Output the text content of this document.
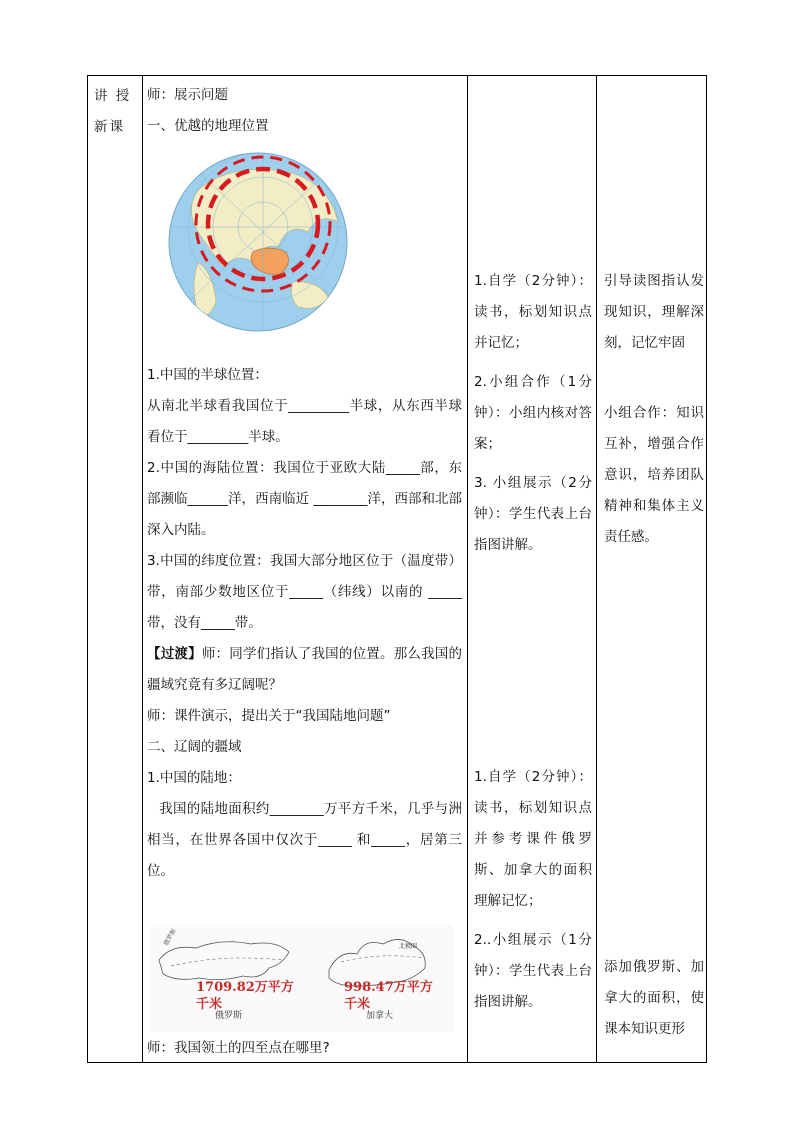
讲 授
新课
师：展示问题
一、优越的地理位置
1.中国的半球位置：
从南北半球看我国位于_________半球，从东西半球看位于_________半球。
2.中国的海陆位置：我国位于亚欧大陆_____部，东部濒临______洋，西南临近 ________洋，西部和北部深入内陆。
3.中国的纬度位置：我国大部分地区位于（温度带）带，南部少数地区位于_____（纬线）以南的 _____带，没有_____带。
【过渡】师：同学们指认了我国的位置。那么我国的疆域究竟有多辽阔呢？
师：课件演示，提出关于“我国陆地问题”
二、辽阔的疆域
1.中国的陆地：
我国的陆地面积约________万平方千米，几乎与洲相当，在世界各国中仅次于_____ 和_____，居第三位。
北极圈
俄罗斯
俄罗斯	加拿大
1709.82万平方千米
998.47万平方千米
师：我国领土的四至点在哪里?
1.自学（2分钟）：读书，标划知识点并记忆；
2.小组合作（1分钟）：小组内核对答案；
3. 小组展示（2分钟）：学生代表上台指图讲解。
1.自学（2分钟）：读书，标划知识点并参考课件俄罗斯、加拿大的面积理解记忆；
2..小组展示（1分钟）：学生代表上台指图讲解。
引导读图指认发现知识，理解深刻，记忆牢固
小组合作：知识互补，增强合作意识，培养团队精神和集体主义责任感。
添加俄罗斯、加拿大的面积，使课本知识更形
